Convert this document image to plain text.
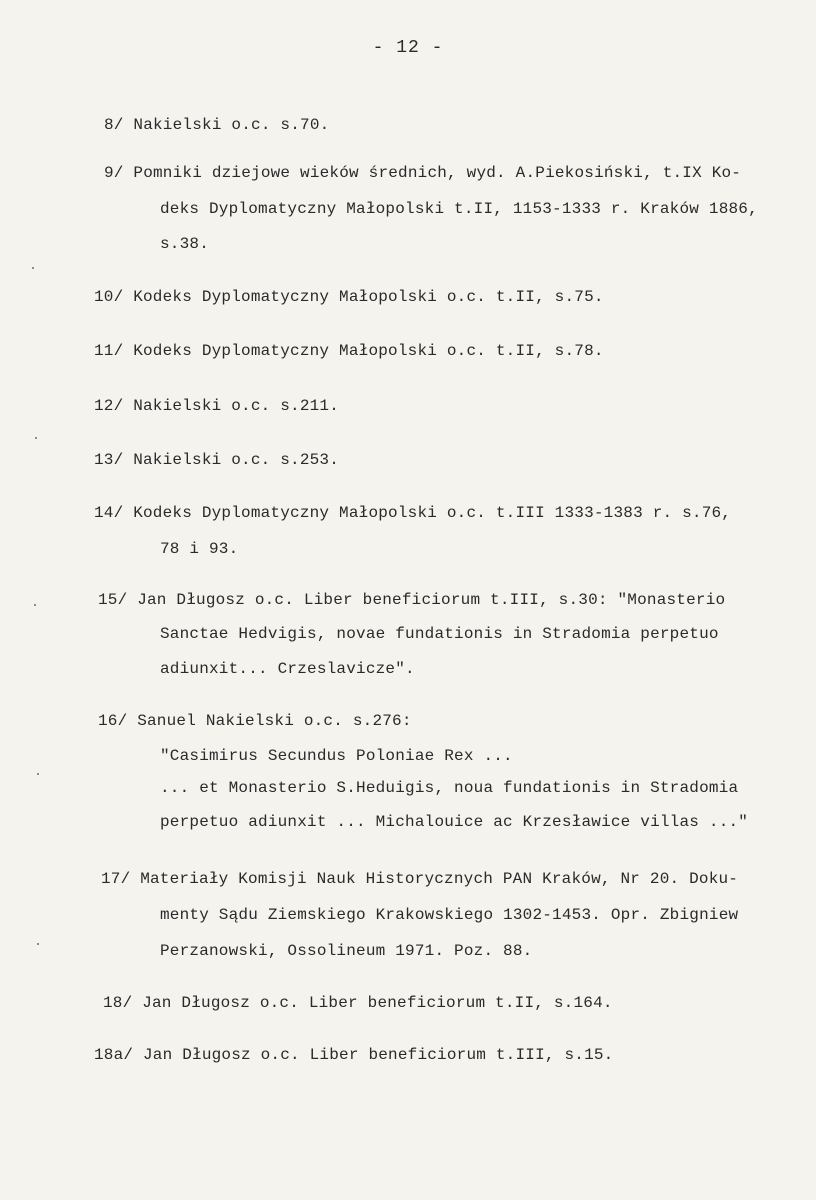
- 12 -
8/ Nakielski o.c. s.70.
9/ Pomniki dziejowe wieków średnich, wyd. A.Piekosiński, t.IX Ko-
deks Dyplomatyczny Małopolski t.II, 1153-1333 r. Kraków 1886,
s.38.
10/ Kodeks Dyplomatyczny Małopolski o.c. t.II, s.75.
11/ Kodeks Dyplomatyczny Małopolski o.c. t.II, s.78.
12/ Nakielski o.c. s.211.
13/ Nakielski o.c. s.253.
14/ Kodeks Dyplomatyczny Małopolski o.c. t.III 1333-1383 r. s.76,
78 i 93.
15/ Jan Długosz o.c. Liber beneficiorum t.III, s.30: "Monasterio
Sanctae Hedvigis, novae fundationis in Stradomia perpetuo
adiunxit... Crzeslavicze".
16/ Sanuel Nakielski o.c. s.276:
"Casimirus Secundus Poloniae Rex ...
... et Monasterio S.Heduigis, noua fundationis in Stradomia
perpetuo adiunxit ... Michalouice ac Krzesławice villas ..."
17/ Materiały Komisji Nauk Historycznych PAN Kraków, Nr 20. Doku-
menty Sądu Ziemskiego Krakowskiego 1302-1453. Opr. Zbigniew
Perzanowski, Ossolineum 1971. Poz. 88.
18/ Jan Długosz o.c. Liber beneficiorum t.II, s.164.
18a/ Jan Długosz o.c. Liber beneficiorum t.III, s.15.
